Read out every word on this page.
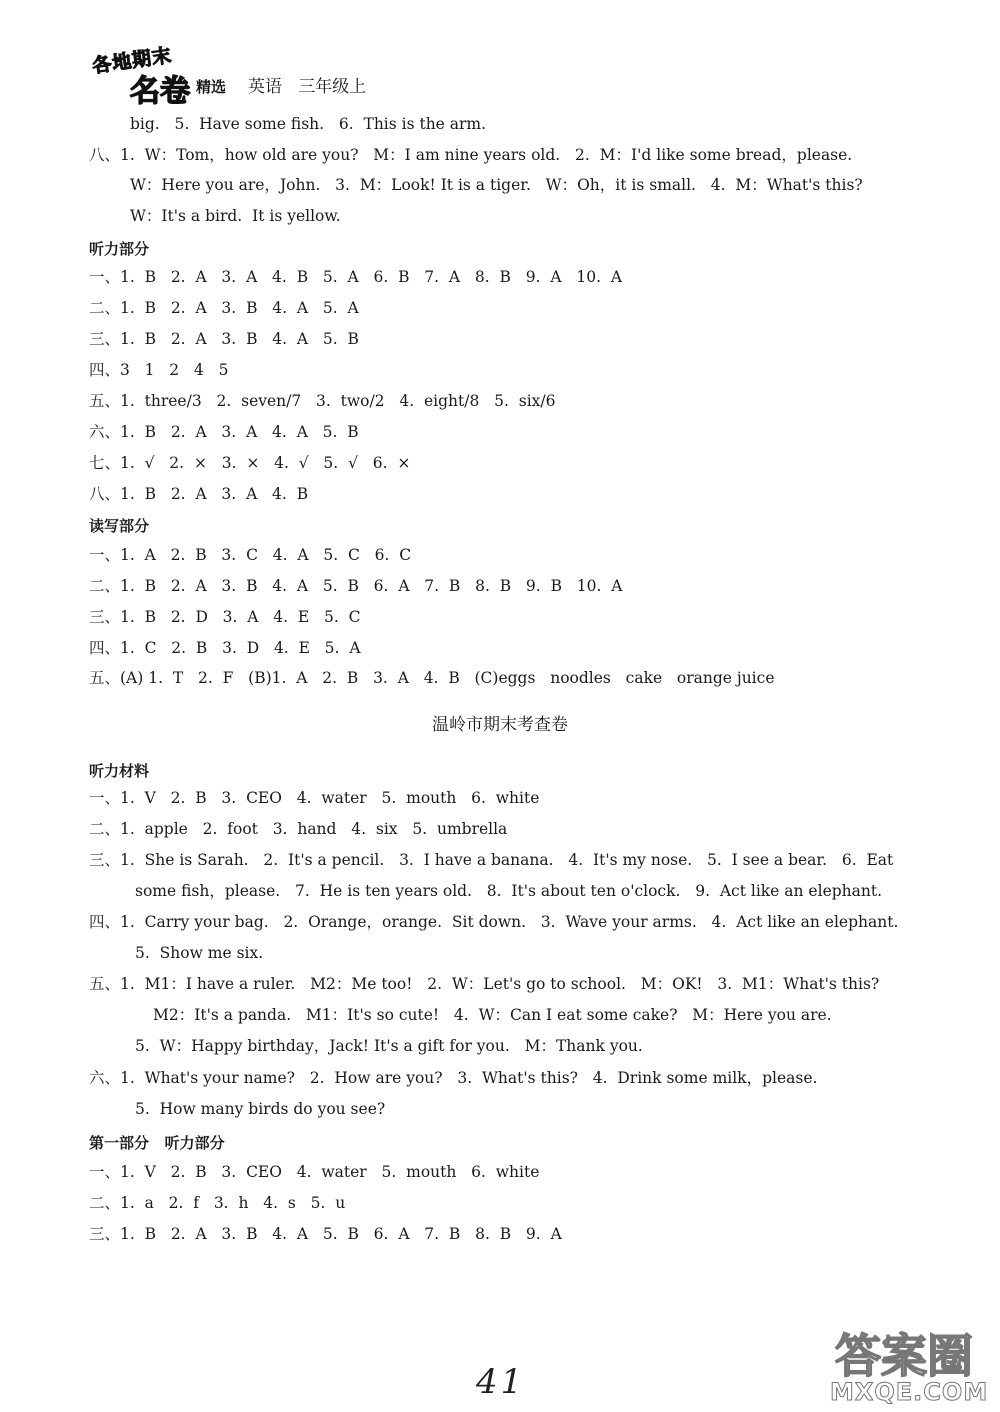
各地期末
名卷 精选 英语   三年级上
big.   5.  Have some fish.   6.  This is the arm.
八、1.  W：Tom，how old are you?   M：I am nine years old.   2.  M：I'd like some bread，please.
W：Here you are，John.   3.  M：Look! It is a tiger.   W：Oh，it is small.   4.  M：What's this?
W：It's a bird.  It is yellow.
听力部分
一、1.  B   2.  A   3.  A   4.  B   5.  A   6.  B   7.  A   8.  B   9.  A   10.  A
二、1.  B   2.  A   3.  B   4.  A   5.  A
三、1.  B   2.  A   3.  B   4.  A   5.  B
四、3   1   2   4   5
五、1.  three/3   2.  seven/7   3.  two/2   4.  eight/8   5.  six/6
六、1.  B   2.  A   3.  A   4.  A   5.  B
七、1.  √   2.  ×   3.  ×   4.  √   5.  √   6.  ×
八、1.  B   2.  A   3.  A   4.  B
读写部分
一、1.  A   2.  B   3.  C   4.  A   5.  C   6.  C
二、1.  B   2.  A   3.  B   4.  A   5.  B   6.  A   7.  B   8.  B   9.  B   10.  A
三、1.  B   2.  D   3.  A   4.  E   5.  C
四、1.  C   2.  B   3.  D   4.  E   5.  A
五、(A) 1.  T   2.  F   (B)1.  A   2.  B   3.  A   4.  B   (C)eggs   noodles   cake   orange juice
温岭市期末考查卷
听力材料
一、1.  V   2.  B   3.  CEO   4.  water   5.  mouth   6.  white
二、1.  apple   2.  foot   3.  hand   4.  six   5.  umbrella
三、1.  She is Sarah.   2.  It's a pencil.   3.  I have a banana.   4.  It's my nose.   5.  I see a bear.   6.  Eat
some fish，please.   7.  He is ten years old.   8.  It's about ten o'clock.   9.  Act like an elephant.
四、1.  Carry your bag.   2.  Orange，orange.  Sit down.   3.  Wave your arms.   4.  Act like an elephant.
5.  Show me six.
五、1.  M1：I have a ruler.   M2：Me too!   2.  W：Let's go to school.   M：OK!   3.  M1：What's this?
M2：It's a panda.   M1：It's so cute!   4.  W：Can I eat some cake?   M：Here you are.
5.  W：Happy birthday，Jack! It's a gift for you.   M：Thank you.
六、1.  What's your name?   2.  How are you?   3.  What's this?   4.  Drink some milk，please.
5.  How many birds do you see?
第一部分   听力部分
一、1.  V   2.  B   3.  CEO   4.  water   5.  mouth   6.  white
二、1.  a   2.  f   3.  h   4.  s   5.  u
三、1.  B   2.  A   3.  B   4.  A   5.  B   6.  A   7.  B   8.  B   9.  A
41	答案圈
MXQE.COM
